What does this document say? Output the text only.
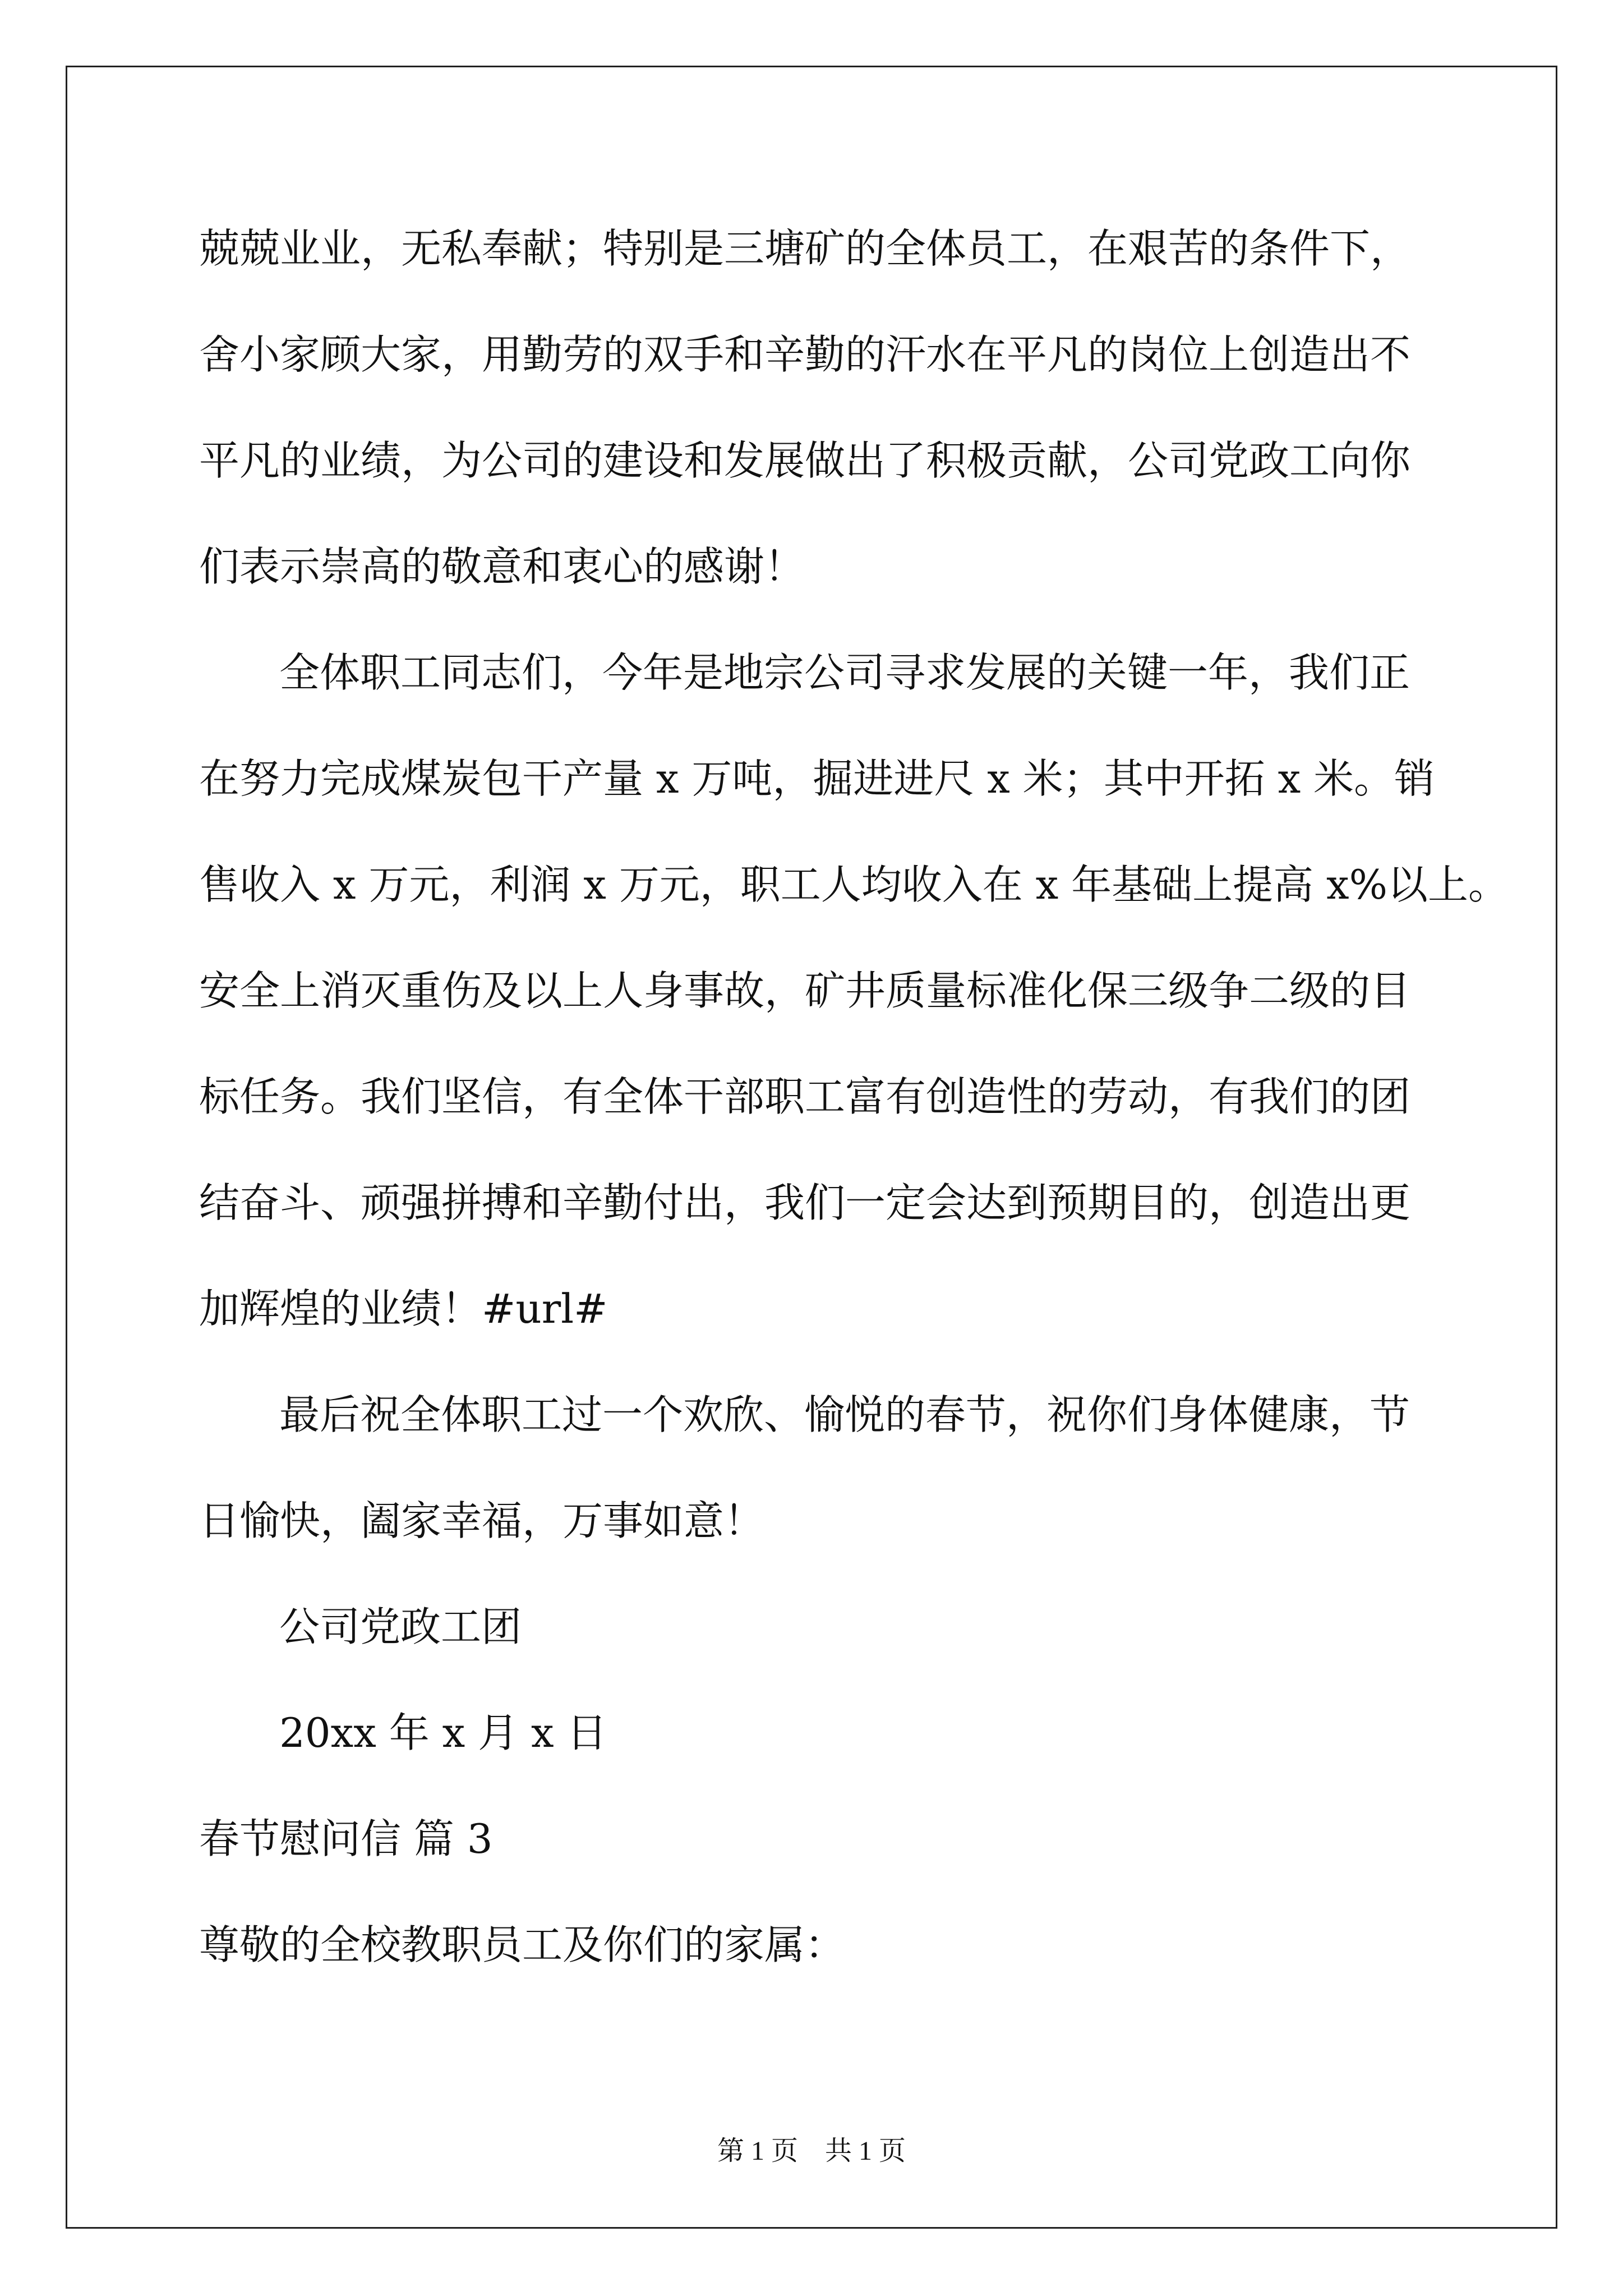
兢兢业业，无私奉献；特别是三塘矿的全体员工，在艰苦的条件下，

舍小家顾大家，用勤劳的双手和辛勤的汗水在平凡的岗位上创造出不

平凡的业绩，为公司的建设和发展做出了积极贡献，公司党政工向你

们表示崇高的敬意和衷心的感谢！

全体职工同志们，今年是地宗公司寻求发展的关键一年，我们正

在努力完成煤炭包干产量 x 万吨，掘进进尺 x 米；其中开拓 x 米。销

售收入 x 万元，利润 x 万元，职工人均收入在 x 年基础上提高 x%以上。

安全上消灭重伤及以上人身事故，矿井质量标准化保三级争二级的目

标任务。我们坚信，有全体干部职工富有创造性的劳动，有我们的团

结奋斗、顽强拼搏和辛勤付出，我们一定会达到预期目的，创造出更

加辉煌的业绩！#url#

最后祝全体职工过一个欢欣、愉悦的春节，祝你们身体健康，节

日愉快，阖家幸福，万事如意！

公司党政工团

20xx 年 x 月 x 日

春节慰问信 篇 3

尊敬的全校教职员工及你们的家属：

第 1 页　共 1 页
